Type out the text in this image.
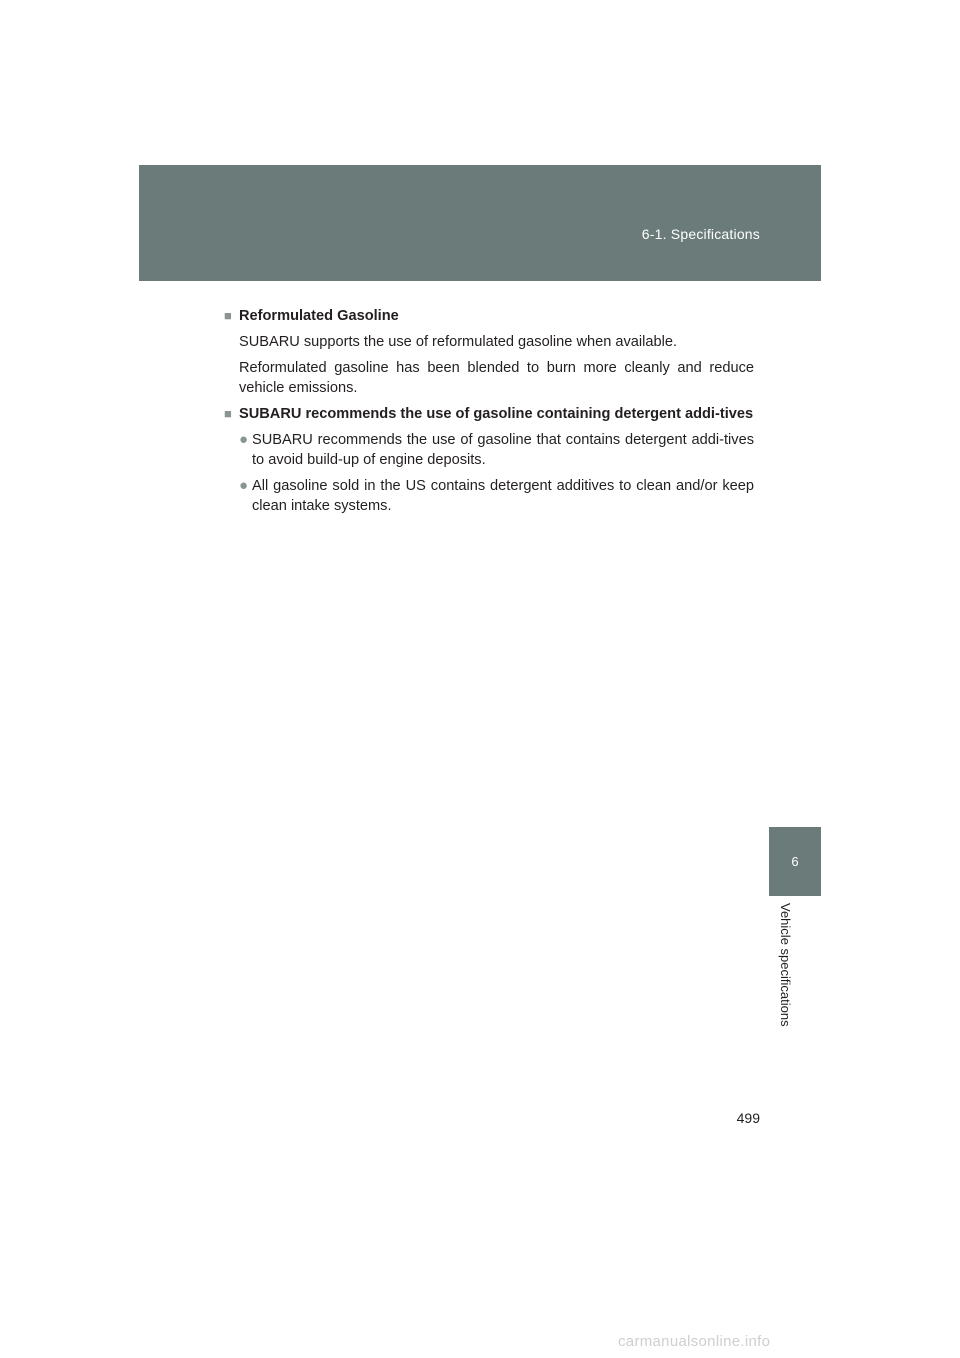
6-1. Specifications
■ Reformulated Gasoline

SUBARU supports the use of reformulated gasoline when available.

Reformulated gasoline has been blended to burn more cleanly and reduce vehicle emissions.

■ SUBARU recommends the use of gasoline containing detergent addi-tives
● SUBARU recommends the use of gasoline that contains detergent addi-tives to avoid build-up of engine deposits.
● All gasoline sold in the US contains detergent additives to clean and/or keep clean intake systems.
6
Vehicle specifications
499
carmanualsonline.info
